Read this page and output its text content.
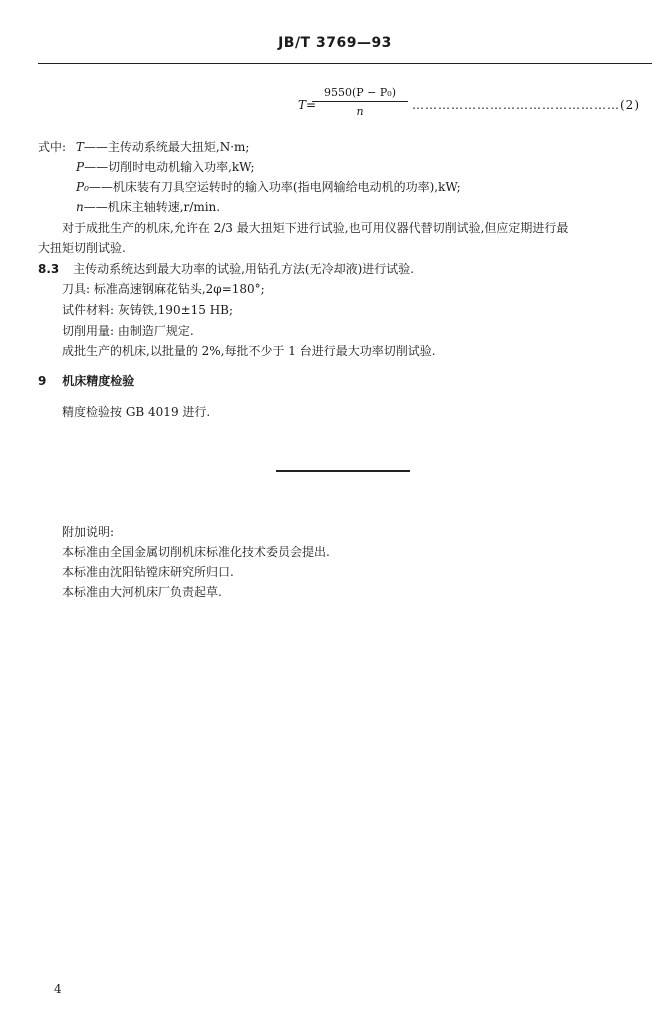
JB/T 3769—93
T=
9550(P − P₀)
n	…………………………………………(2)
式中: T——主传动系统最大扭矩,N·m;
P——切削时电动机输入功率,kW;
P₀——机床装有刀具空运转时的输入功率(指电网输给电动机的功率),kW;
n——机床主轴转速,r/min.
对于成批生产的机床,允许在 2/3 最大扭矩下进行试验,也可用仪器代替切削试验,但应定期进行最
大扭矩切削试验.
8.3 主传动系统达到最大功率的试验,用钻孔方法(无冷却液)进行试验.
刀具: 标准高速钢麻花钻头,2φ=180°;
试件材料: 灰铸铁,190±15 HB;
切削用量: 由制造厂规定.
成批生产的机床,以批量的 2%,每批不少于 1 台进行最大功率切削试验.
9 机床精度检验
精度检验按 GB 4019 进行.
附加说明:
本标准由全国金属切削机床标准化技术委员会提出.
本标准由沈阳钻镗床研究所归口.
本标准由大河机床厂负责起草.
4
